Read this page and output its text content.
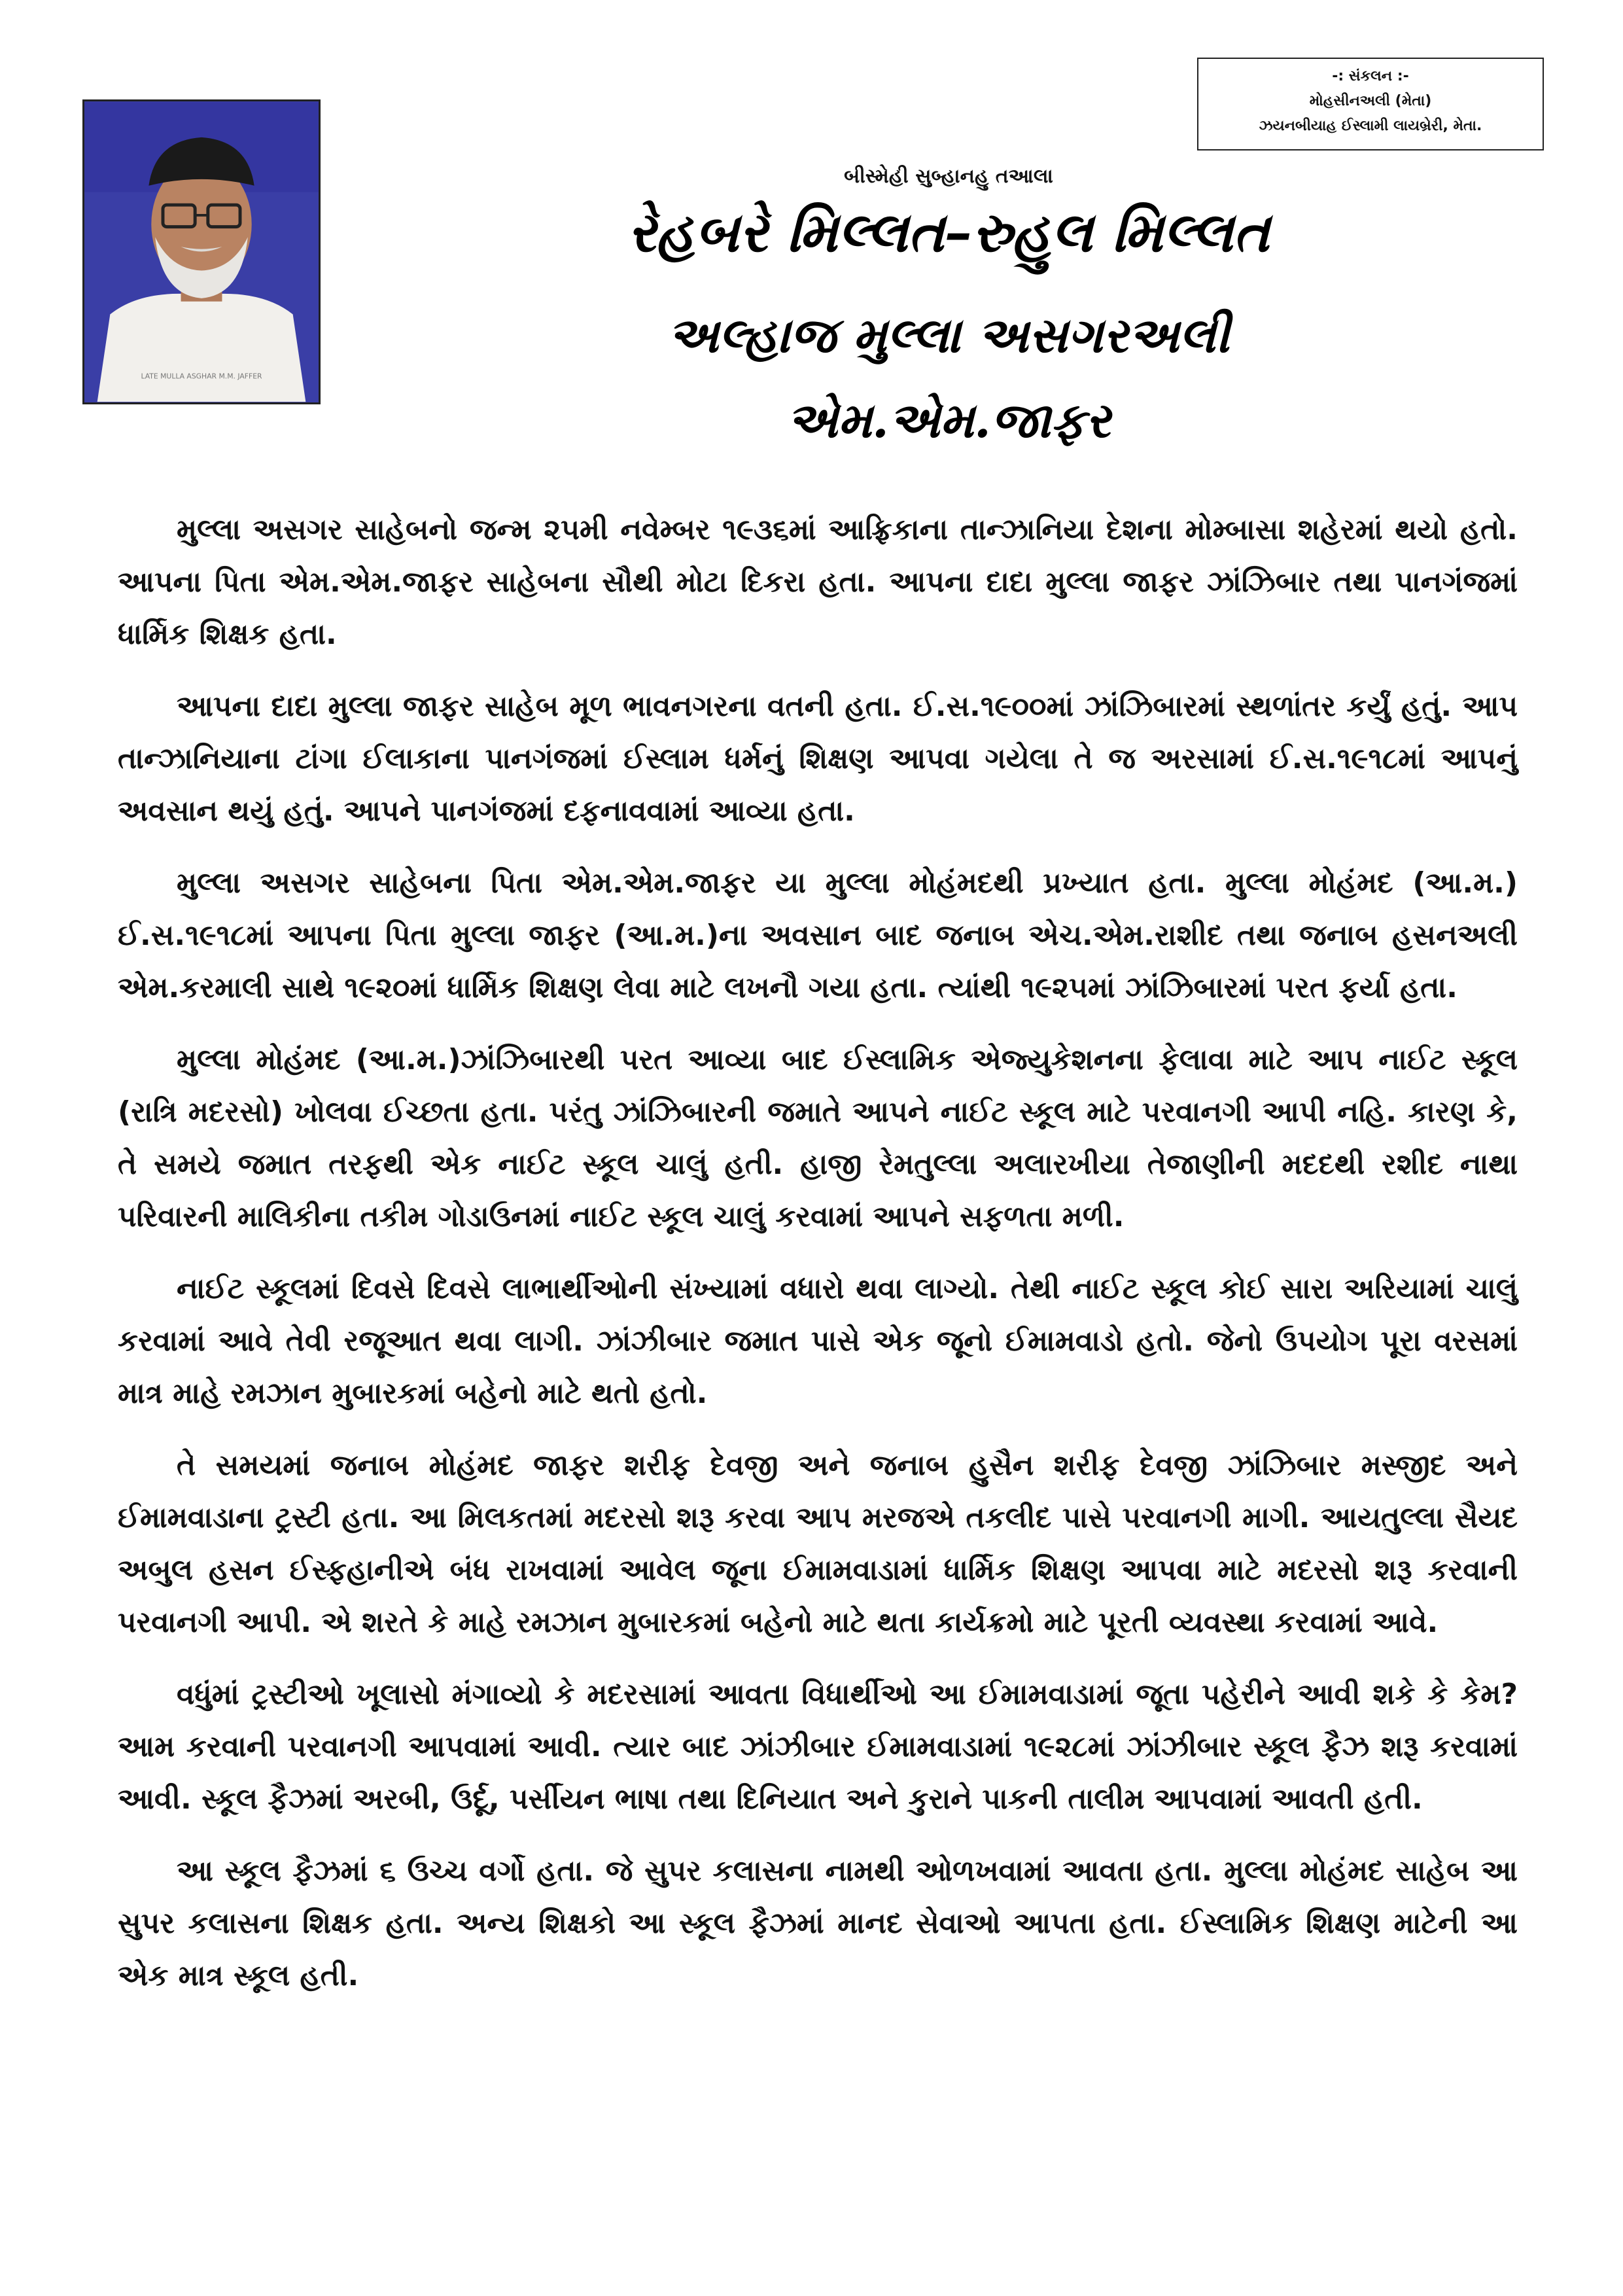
-: સંકલન :-
મોહસીનઅલી (મેતા)
ઝયનબીયાહ ઈસ્લામી લાયબ્રેરી, મેતા.
LATE MULLA ASGHAR M.M. JAFFER
બીસ્મેહી સુબ્હાનહુ તઆલા
રેહબરે મિલ્લત–રુહુલ મિલ્લત
અલ્હાજ મુલ્લા અસગરઅલી
એમ.એમ.જાફર

મુલ્લા અસગર સાહેબનો જન્મ ૨૫મી નવેમ્બર ૧૯૩૬માં આફ્રિકાના તાન્ઝાનિયા દેશના મોમ્બાસા શહેરમાં થયો હતો. આપના પિતા એમ.એમ.જાફર સાહેબના સૌથી મોટા દિકરા હતા. આપના દાદા મુલ્લા જાફર ઝાંઝિબાર તથા પાનગંજમાં ધાર્મિક શિક્ષક હતા.

આપના દાદા મુલ્લા જાફર સાહેબ મૂળ ભાવનગરના વતની હતા. ઈ.સ.૧૯૦૦માં ઝાંઝિબારમાં સ્થળાંતર કર્યું હતું. આપ તાન્ઝાનિયાના ટાંગા ઈલાકાના પાનગંજમાં ઈસ્લામ ધર્મનું શિક્ષણ આપવા ગયેલા તે જ અરસામાં ઈ.સ.૧૯૧૮માં આપનું અવસાન થયું હતું. આપને પાનગંજમાં દફનાવવામાં આવ્યા હતા.

મુલ્લા અસગર સાહેબના પિતા એમ.એમ.જાફર યા મુલ્લા મોહંમદથી પ્રખ્યાત હતા. મુલ્લા મોહંમદ (આ.મ.) ઈ.સ.૧૯૧૮માં આપના પિતા મુલ્લા જાફર (આ.મ.)ના અવસાન બાદ જનાબ એચ.એમ.રાશીદ તથા જનાબ હસનઅલી એમ.કરમાલી સાથે ૧૯૨૦માં ધાર્મિક શિક્ષણ લેવા માટે લખનૌ ગયા હતા. ત્યાંથી ૧૯૨૫માં ઝાંઝિબારમાં પરત ફર્યા હતા.

મુલ્લા મોહંમદ (આ.મ.)ઝાંઝિબારથી પરત આવ્યા બાદ ઈસ્લામિક એજ્યુકેશનના ફેલાવા માટે આપ નાઈટ સ્કૂલ (રાત્રિ મદરસો) ખોલવા ઈચ્છતા હતા. પરંતુ ઝાંઝિબારની જમાતે આપને નાઈટ સ્કૂલ માટે પરવાનગી આપી નહિ. કારણ કે, તે સમયે જમાત તરફથી એક નાઈટ સ્કૂલ ચાલું હતી. હાજી રેમતુલ્લા અલારખીયા તેજાણીની મદદથી રશીદ નાથા પરિવારની માલિકીના તકીમ ગોડાઉનમાં નાઈટ સ્કૂલ ચાલું કરવામાં આપને સફળતા મળી.

નાઈટ સ્કૂલમાં દિવસે દિવસે લાભાર્થીઓની સંખ્યામાં વધારો થવા લાગ્યો. તેથી નાઈટ સ્કૂલ કોઈ સારા અરિયામાં ચાલું કરવામાં આવે તેવી રજૂઆત થવા લાગી. ઝાંઝીબાર જમાત પાસે એક જૂનો ઈમામવાડો હતો. જેનો ઉપયોગ પૂરા વરસમાં માત્ર માહે રમઝાન મુબારકમાં બહેનો માટે થતો હતો.

તે સમયમાં જનાબ મોહંમદ જાફર શરીફ દેવજી અને જનાબ હુસૈન શરીફ દેવજી ઝાંઝિબાર મસ્જીદ અને ઈમામવાડાના ટ્રસ્ટી હતા. આ મિલકતમાં મદરસો શરૂ કરવા આપ મરજએ તકલીદ પાસે પરવાનગી માગી. આયતુલ્લા સૈયદ અબુલ હસન ઈસ્ફહાનીએ બંધ રાખવામાં આવેલ જૂના ઈમામવાડામાં ધાર્મિક શિક્ષણ આપવા માટે મદરસો શરૂ કરવાની પરવાનગી આપી. એ શરતે કે માહે રમઝાન મુબારકમાં બહેનો માટે થતા કાર્યક્રમો માટે પૂરતી વ્યવસ્થા કરવામાં આવે.

વધુંમાં ટ્રસ્ટીઓ ખૂલાસો મંગાવ્યો કે મદરસામાં આવતા વિધાર્થીઓ આ ઈમામવાડામાં જૂતા પહેરીને આવી શકે કે કેમ? આમ કરવાની પરવાનગી આપવામાં આવી. ત્યાર બાદ ઝાંઝીબાર ઈમામવાડામાં ૧૯૨૮માં ઝાંઝીબાર સ્કૂલ ફૈઝ શરૂ કરવામાં આવી. સ્કૂલ ફૈઝમાં અરબી, ઉર્દૂ, પર્સીયન ભાષા તથા દિનિયાત અને કુરાને પાકની તાલીમ આપવામાં આવતી હતી.

આ સ્કૂલ ફૈઝમાં ૬ ઉચ્ચ વર્ગો હતા. જે સુપર કલાસના નામથી ઓળખવામાં આવતા હતા. મુલ્લા મોહંમદ સાહેબ આ સુપર કલાસના શિક્ષક હતા. અન્ય શિક્ષકો આ સ્કૂલ ફૈઝમાં માનદ સેવાઓ આપતા હતા. ઈસ્લામિક શિક્ષણ માટેની આ એક માત્ર સ્કૂલ હતી.
